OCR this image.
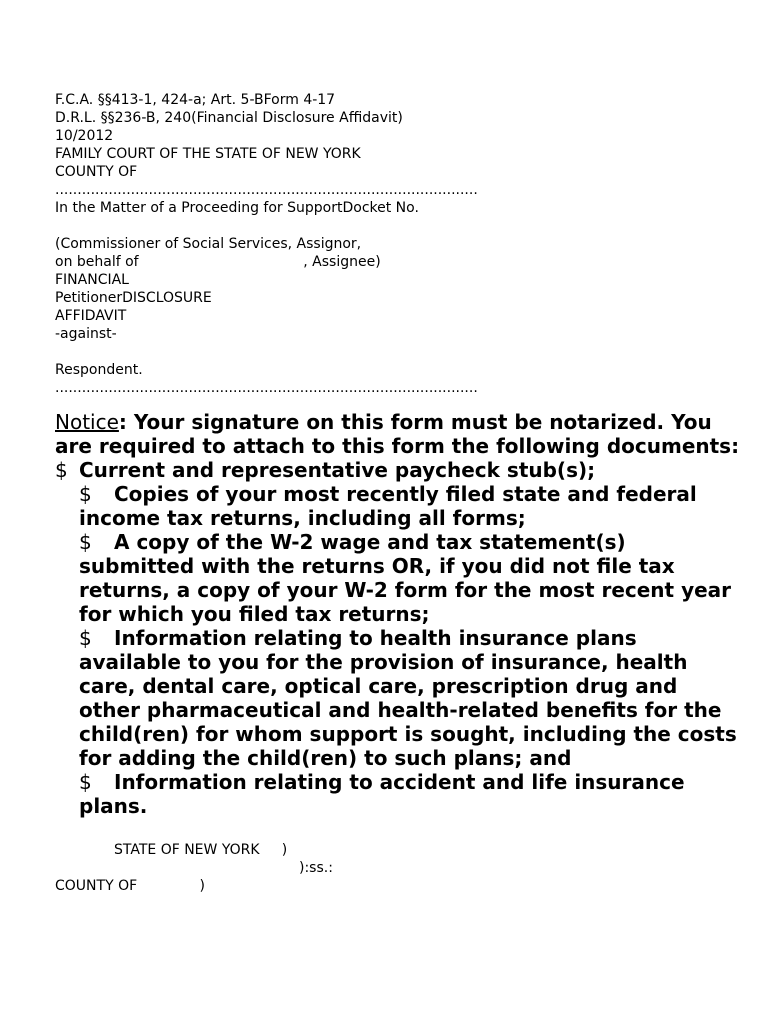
F.C.A. §§413-1, 424-a; Art. 5-BForm 4-17
D.R.L. §§236-B, 240(Financial Disclosure Affidavit)
10/2012
FAMILY COURT OF THE STATE OF NEW YORK
COUNTY OF
...............................................................................................
In the Matter of a Proceeding for SupportDocket No.
(Commissioner of Social Services, Assignor,
on behalf of                                     , Assignee)
FINANCIAL
PetitionerDISCLOSURE
AFFIDAVIT
-against-
Respondent.
...............................................................................................
Notice: Your signature on this form must be notarized. You are required to attach to this form the following documents:
$ Current and representative paycheck stub(s);
$ Copies of your most recently filed state and federal income tax returns, including all forms;
$ A copy of the W-2 wage and tax statement(s) submitted with the returns OR, if you did not file tax returns, a copy of your W-2 form for the most recent year for which you filed tax returns;
$ Information relating to health insurance plans available to you for the provision of insurance, health care, dental care, optical care, prescription drug and other pharmaceutical and health-related benefits for the child(ren) for whom support is sought, including the costs for adding the child(ren) to such plans; and
$ Information relating to accident and life insurance plans.
STATE OF NEW YORK     )
):ss.:
COUNTY OF              )
